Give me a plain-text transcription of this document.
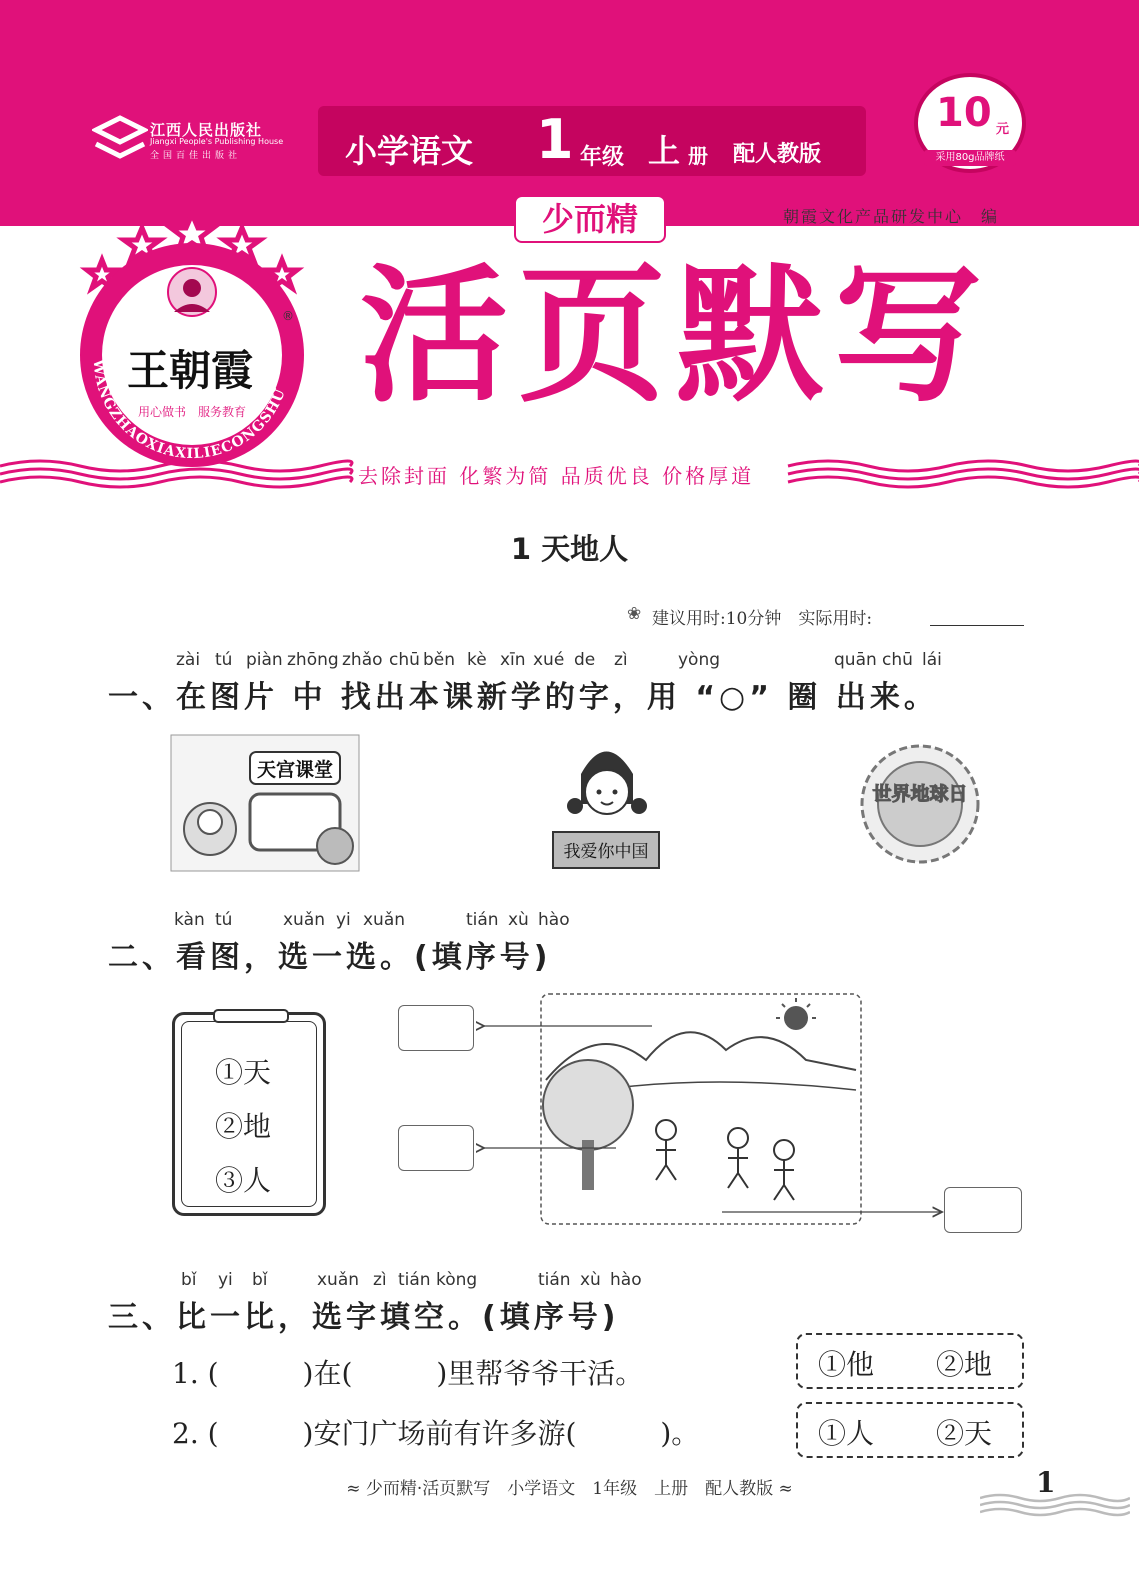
江西人民出版社
Jiangxi People's Publishing House
全国百佳出版社	小学语文 1 年级 上 册 配人教版
10 元
采用80g品牌纸
WANGZHAOXIAXILIECONGSHU
王朝霞
®
用心做书　服务教育
少而精	朝霞文化产品研发中心　编
活页默写
去除封面 化繁为简 品质优良 价格厚道
1 天地人
❀ 建议用时:10分钟　实际用时:
zài tú piàn zhōng zhǎo chū běn kè xīn xué de zì	yòng	quān chū lái
一、在图片 中 找出本课新学的字，用 “○” 圈 出来。
天宫课堂
我爱你中国
世界地球日
kàn tú	xuǎn yi xuǎn	tián xù hào
二、看图，选一选。(填序号)
①天
②地
③人
bǐ yi bǐ	xuǎn zì tián kòng	tián xù hào
三、比一比，选字填空。(填序号)
1. (　　　)在(　　　)里帮爷爷干活。
2. (　　　)安门广场前有许多游(　　　)。
①他 ②地
①人 ②天
≈ 少而精·活页默写　小学语文　1年级　上册　配人教版 ≈	1
